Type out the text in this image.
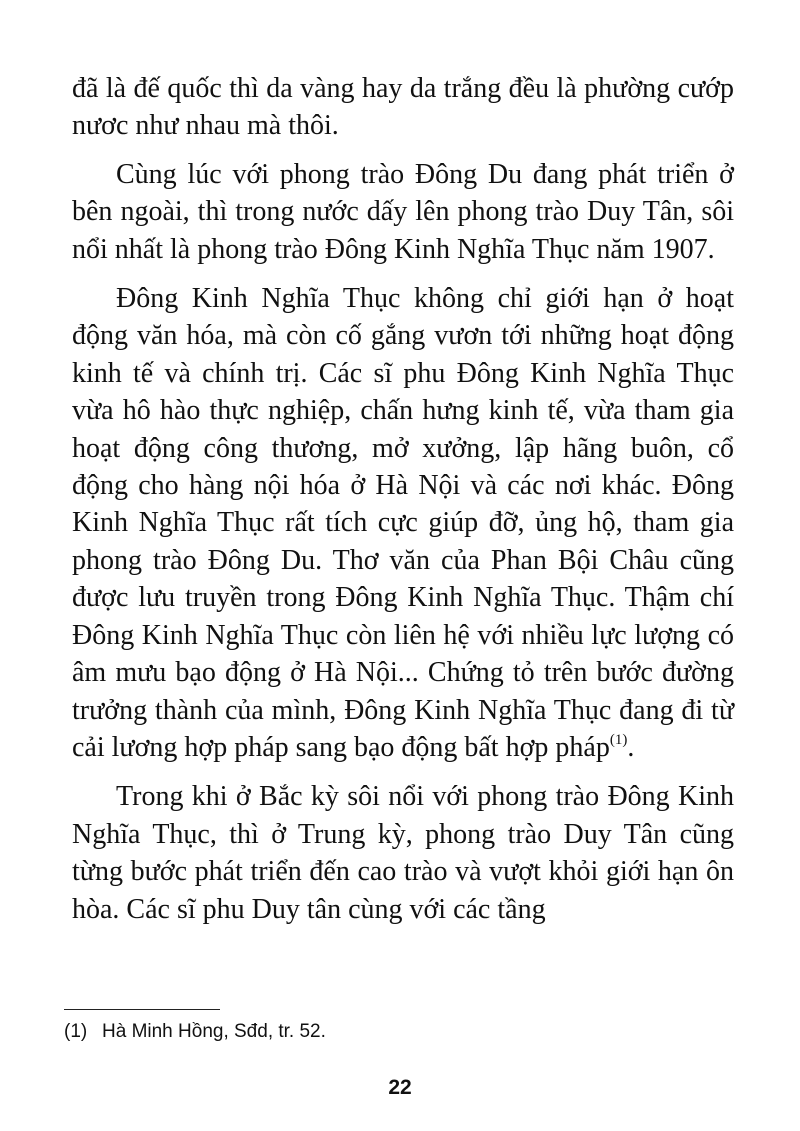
đã là đế quốc thì da vàng hay da trắng đều là phường cướp nươc như nhau mà thôi.

Cùng lúc với phong trào Đông Du đang phát triển ở bên ngoài, thì trong nước dấy lên phong trào Duy Tân, sôi nổi nhất là phong trào Đông Kinh Nghĩa Thục năm 1907.

Đông Kinh Nghĩa Thục không chỉ giới hạn ở hoạt động văn hóa, mà còn cố gắng vươn tới những hoạt động kinh tế và chính trị. Các sĩ phu Đông Kinh Nghĩa Thục vừa hô hào thực nghiệp, chấn hưng kinh tế, vừa tham gia hoạt động công thương, mở xưởng, lập hãng buôn, cổ động cho hàng nội hóa ở Hà Nội và các nơi khác. Đông Kinh Nghĩa Thục rất tích cực giúp đỡ, ủng hộ, tham gia phong trào Đông Du. Thơ văn của Phan Bội Châu cũng được lưu truyền trong Đông Kinh Nghĩa Thục. Thậm chí Đông Kinh Nghĩa Thục còn liên hệ với nhiều lực lượng có âm mưu bạo động ở Hà Nội... Chứng tỏ trên bước đường trưởng thành của mình, Đông Kinh Nghĩa Thục đang đi từ cải lương hợp pháp sang bạo động bất hợp pháp$^{(1)}$.

Trong khi ở Bắc kỳ sôi nổi với phong trào Đông Kinh Nghĩa Thục, thì ở Trung kỳ, phong trào Duy Tân cũng từng bước phát triển đến cao trào và vượt khỏi giới hạn ôn hòa. Các sĩ phu Duy tân cùng với các tầng

(1) Hà Minh Hồng, Sđd, tr. 52.
22
